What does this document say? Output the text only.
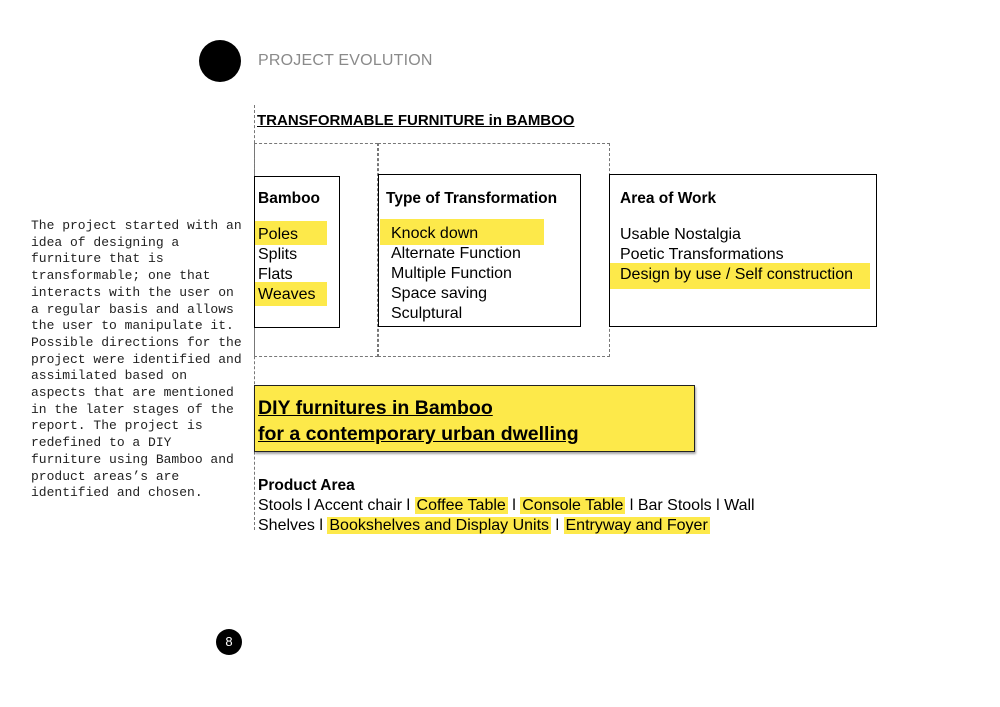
PROJECT EVOLUTION
TRANSFORMABLE FURNITURE in BAMBOO
Bamboo
Poles
Splits
Flats
Weaves
Type of Transformation
Knock down
Alternate Function
Multiple Function
Space saving
Sculptural
Area of Work
Usable Nostalgia
Poetic Transformations
Design by use / Self construction
The project started with an idea of designing a furniture that is transformable; one that interacts with the user on a regular basis and allows the user to manipulate it. Possible directions for the project were identified and assimilated based on aspects that are mentioned in the later stages of the report. The project is redefined to a DIY furniture using Bamboo and product areas’s are identified and chosen.
DIY furnitures in Bamboo
for a contemporary urban dwelling
Product Area
Stools l Accent chair l Coffee Table l Console Table l Bar Stools l Wall
Shelves l Bookshelves and Display Units l Entryway and Foyer
8
